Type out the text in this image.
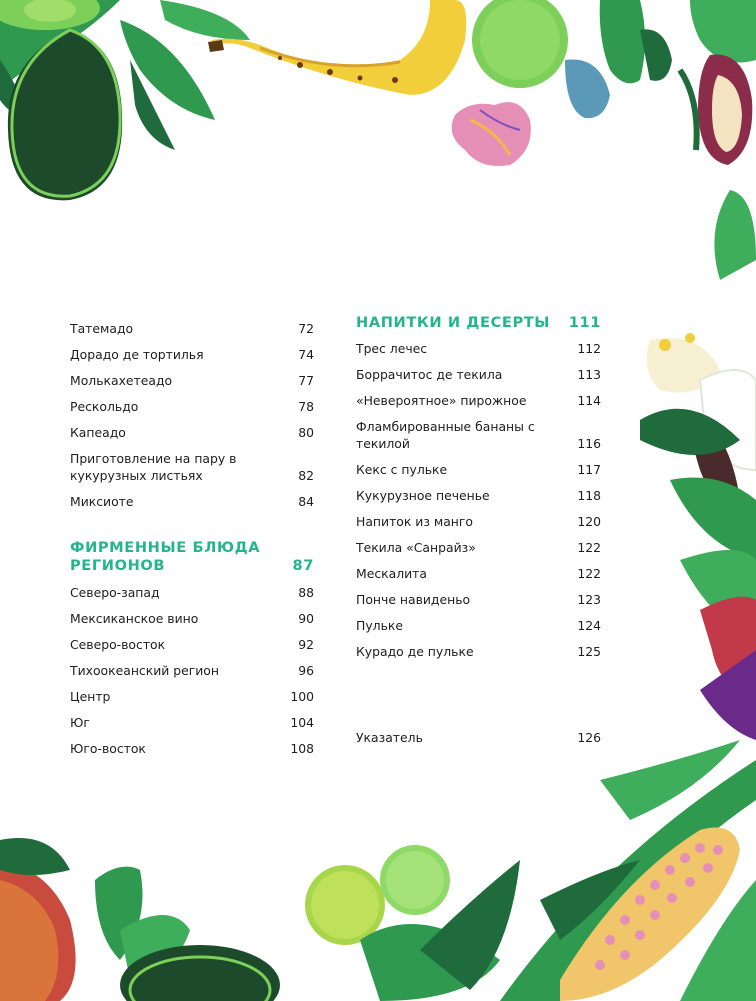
Татемадо	72
Дорадо де тортилья	74
Молькахетеадо	77
Рескольдо	78
Капеадо	80
Приготовление на пару в кукурузных листьях	82
Миксиоте	84
ФИРМЕННЫЕ БЛЮДА РЕГИОНОВ	87
Северо-запад	88
Мексиканское вино	90
Северо-восток	92
Тихоокеанский регион	96
Центр	100
Юг	104
Юго-восток	108
НАПИТКИ И ДЕСЕРТЫ	111
Трес лечес	112
Боррачитос де текила	113
«Невероятное» пирожное	114
Фламбированные бананы с текилой	116
Кекс с пульке	117
Кукурузное печенье	118
Напиток из манго	120
Текила «Санрайз»	122
Мескалита	122
Понче навиденьо	123
Пульке	124
Курадо де пульке	125
Указатель	126
